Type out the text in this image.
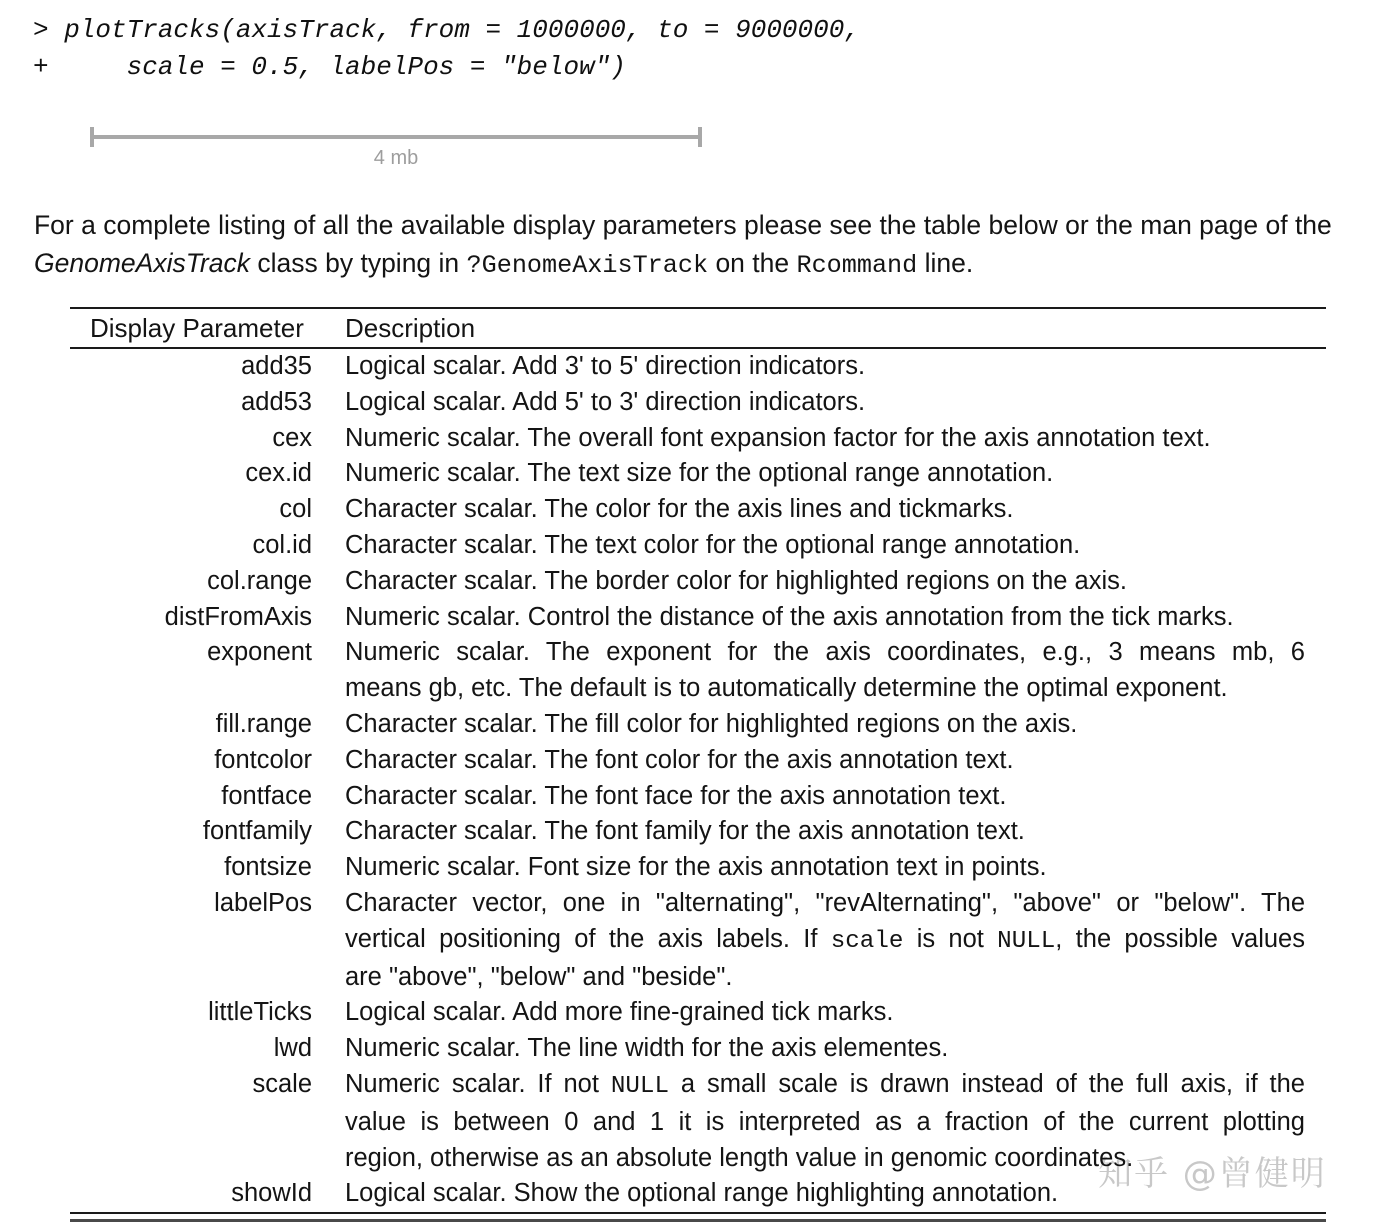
> plotTracks(axisTrack, from = 1000000, to = 9000000,
+     scale = 0.5, labelPos = "below")
4 mb
For a complete listing of all the available display parameters please see the table below or the man page of the
GenomeAxisTrack class by typing in ?GenomeAxisTrack on the Rcommand line.
Display Parameter	Description
add35 Logical scalar. Add 3' to 5' direction indicators.
add53 Logical scalar. Add 5' to 3' direction indicators.
cex Numeric scalar. The overall font expansion factor for the axis annotation text.
cex.id Numeric scalar. The text size for the optional range annotation.
col Character scalar. The color for the axis lines and tickmarks.
col.id Character scalar. The text color for the optional range annotation.
col.range Character scalar. The border color for highlighted regions on the axis.
distFromAxis Numeric scalar. Control the distance of the axis annotation from the tick marks.
exponent Numeric scalar. The exponent for the axis coordinates, e.g., 3 means mb, 6
means gb, etc. The default is to automatically determine the optimal exponent.
fill.range Character scalar. The fill color for highlighted regions on the axis.
fontcolor Character scalar. The font color for the axis annotation text.
fontface Character scalar. The font face for the axis annotation text.
fontfamily Character scalar. The font family for the axis annotation text.
fontsize Numeric scalar. Font size for the axis annotation text in points.
labelPos Character vector, one in "alternating", "revAlternating", "above" or "below". The
vertical positioning of the axis labels. If scale is not NULL, the possible values
are "above", "below" and "beside".
littleTicks Logical scalar. Add more fine-grained tick marks.
lwd Numeric scalar. The line width for the axis elementes.
scale Numeric scalar. If not NULL a small scale is drawn instead of the full axis, if the
value is between 0 and 1 it is interpreted as a fraction of the current plotting
region, otherwise as an absolute length value in genomic coordinates.
showId Logical scalar. Show the optional range highlighting annotation.	知乎 @曾健明
